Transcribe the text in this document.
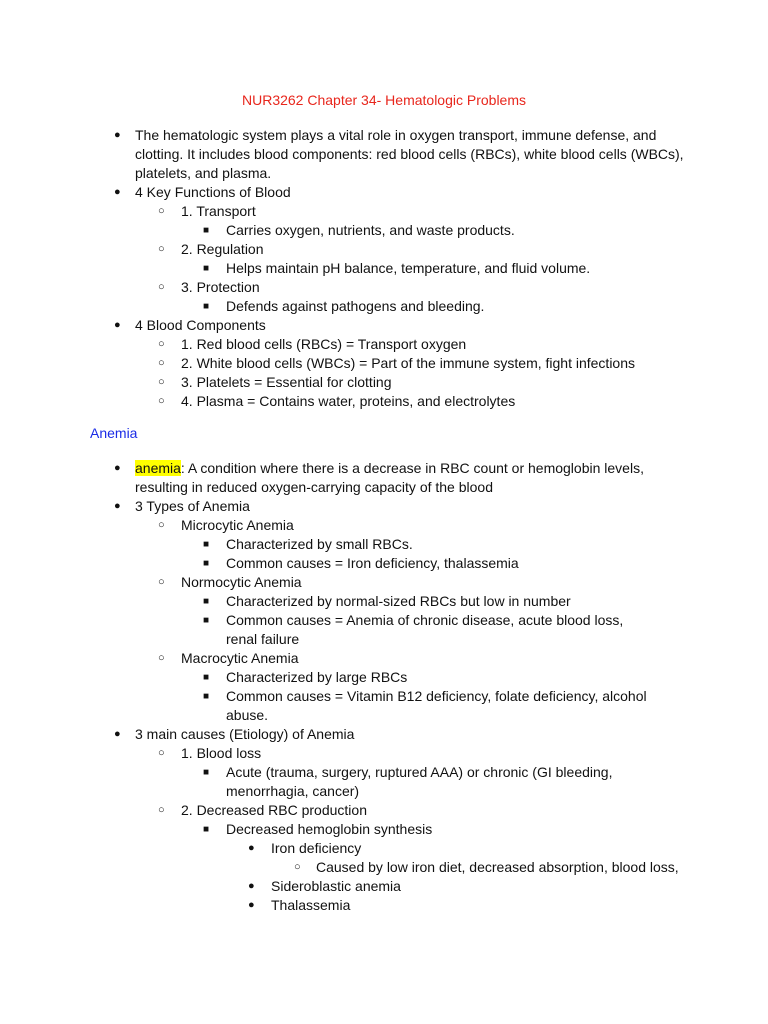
NUR3262 Chapter 34- Hematologic Problems
● The hematologic system plays a vital role in oxygen transport, immune defense, and clotting. It includes blood components: red blood cells (RBCs), white blood cells (WBCs), platelets, and plasma.
● 4 Key Functions of Blood
○ 1. Transport
■ Carries oxygen, nutrients, and waste products.
○ 2. Regulation
■ Helps maintain pH balance, temperature, and fluid volume.
○ 3. Protection
■ Defends against pathogens and bleeding.
● 4 Blood Components
○ 1. Red blood cells (RBCs) = Transport oxygen
○ 2. White blood cells (WBCs) = Part of the immune system, fight infections
○ 3. Platelets = Essential for clotting
○ 4. Plasma = Contains water, proteins, and electrolytes
Anemia
● anemia: A condition where there is a decrease in RBC count or hemoglobin levels, resulting in reduced oxygen-carrying capacity of the blood
● 3 Types of Anemia
○ Microcytic Anemia
■ Characterized by small RBCs.
■ Common causes = Iron deficiency, thalassemia
○ Normocytic Anemia
■ Characterized by normal-sized RBCs but low in number
■ Common causes = Anemia of chronic disease, acute blood loss, renal failure
○ Macrocytic Anemia
■ Characterized by large RBCs
■ Common causes = Vitamin B12 deficiency, folate deficiency, alcohol abuse.
● 3 main causes (Etiology) of Anemia
○ 1. Blood loss
■ Acute (trauma, surgery, ruptured AAA) or chronic (GI bleeding, menorrhagia, cancer)
○ 2. Decreased RBC production
■ Decreased hemoglobin synthesis
● Iron deficiency
○ Caused by low iron diet, decreased absorption, blood loss,
● Sideroblastic anemia
● Thalassemia
